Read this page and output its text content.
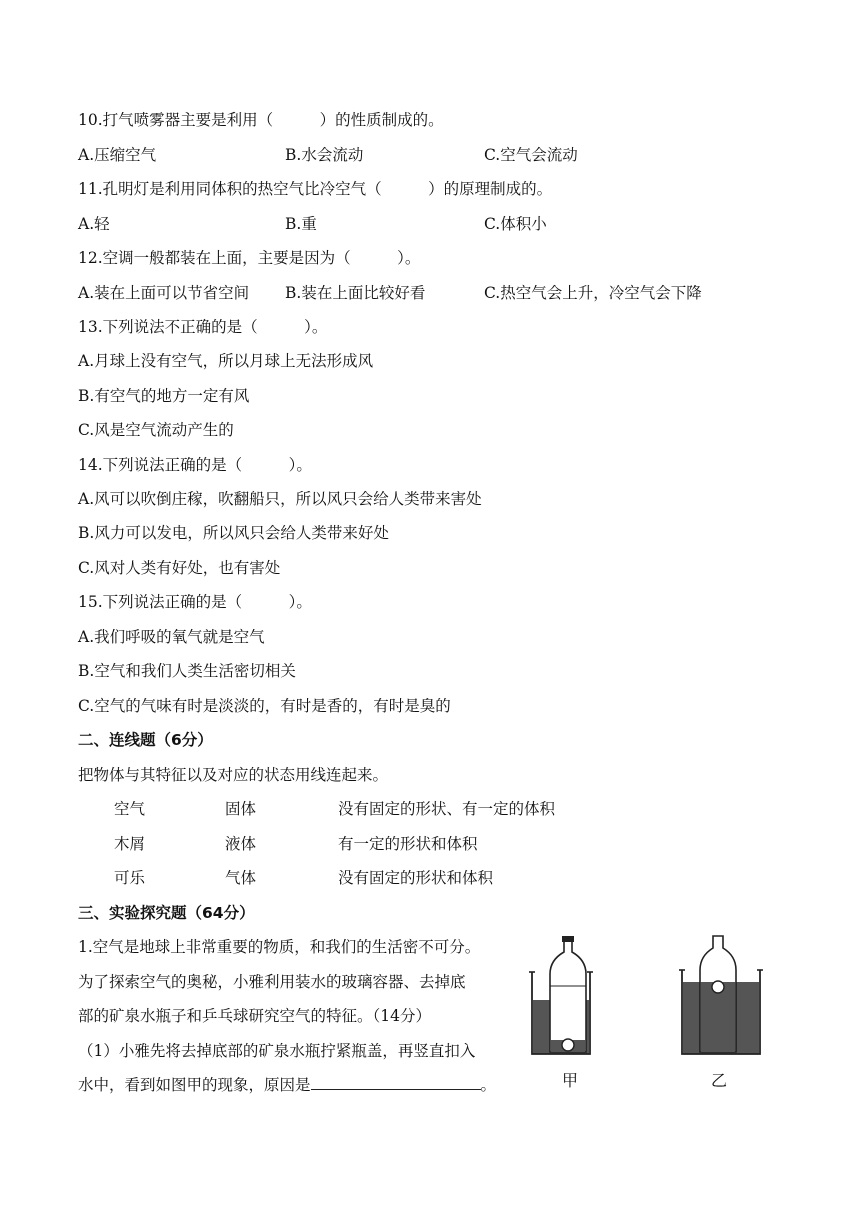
10.打气喷雾器主要是利用（　　　）的性质制成的。
A.压缩空气	B.水会流动	C.空气会流动
11.孔明灯是利用同体积的热空气比冷空气（　　　）的原理制成的。
A.轻	B.重	C.体积小
12.空调一般都装在上面，主要是因为（　　　）。
A.装在上面可以节省空间 B.装在上面比较好看	C.热空气会上升，冷空气会下降
13.下列说法不正确的是（　　　）。
A.月球上没有空气，所以月球上无法形成风
B.有空气的地方一定有风
C.风是空气流动产生的
14.下列说法正确的是（　　　）。
A.风可以吹倒庄稼，吹翻船只，所以风只会给人类带来害处
B.风力可以发电，所以风只会给人类带来好处
C.风对人类有好处，也有害处
15.下列说法正确的是（　　　）。
A.我们呼吸的氧气就是空气
B.空气和我们人类生活密切相关
C.空气的气味有时是淡淡的，有时是香的，有时是臭的
二、连线题（6分）
把物体与其特征以及对应的状态用线连起来。
空气	固体	没有固定的形状、有一定的体积
木屑	液体	有一定的形状和体积
可乐	气体	没有固定的形状和体积
三、实验探究题（64分）
1.空气是地球上非常重要的物质，和我们的生活密不可分。
为了探索空气的奥秘，小雅利用装水的玻璃容器、去掉底
部的矿泉水瓶子和乒乓球研究空气的特征。（14分）
（1）小雅先将去掉底部的矿泉水瓶拧紧瓶盖，再竖直扣入
水中，看到如图甲的现象，原因是	。	甲	乙
